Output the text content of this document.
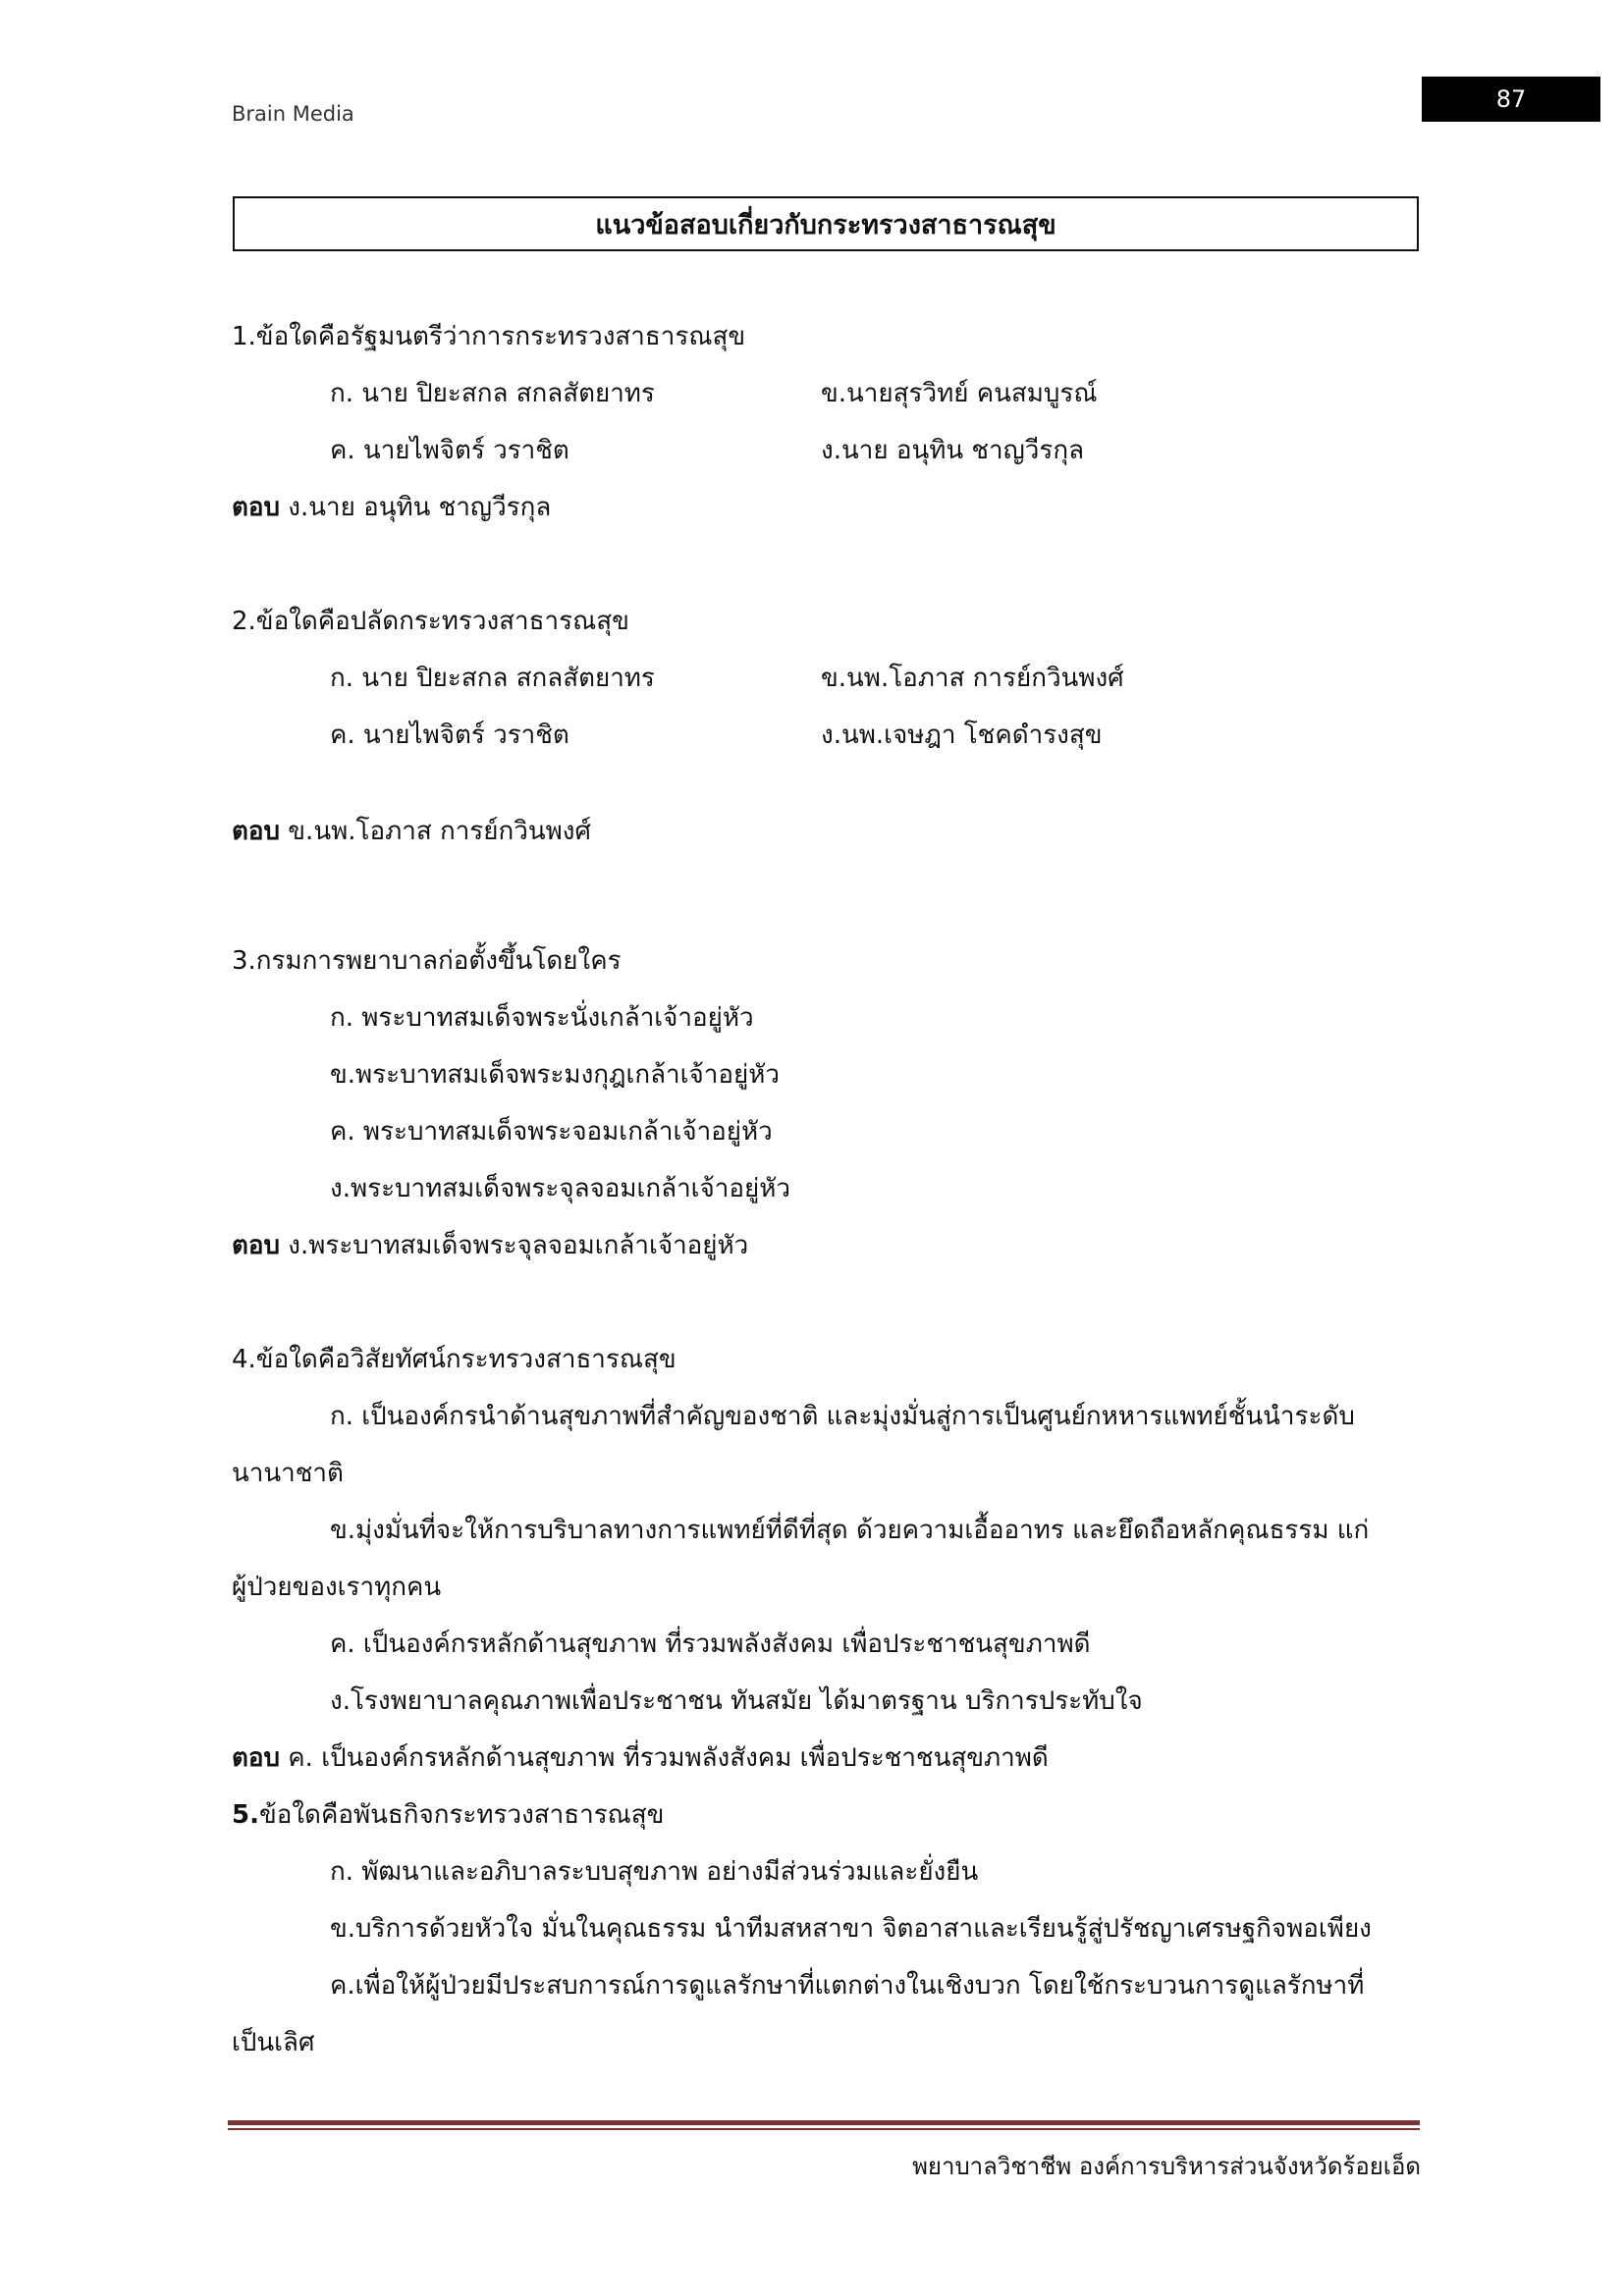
Brain Media
87
แนวข้อสอบเกี่ยวกับกระทรวงสาธารณสุข
1.ข้อใดคือรัฐมนตรีว่าการกระทรวงสาธารณสุข
ก. นาย ปิยะสกล สกลสัตยาทร	ข.นายสุรวิทย์ คนสมบูรณ์
ค. นายไพจิตร์ วราชิต	ง.นาย อนุทิน ชาญวีรกุล
ตอบ ง.นาย อนุทิน ชาญวีรกุล
2.ข้อใดคือปลัดกระทรวงสาธารณสุข
ก. นาย ปิยะสกล สกลสัตยาทร	ข.นพ.โอภาส การย์กวินพงศ์
ค. นายไพจิตร์ วราชิต	ง.นพ.เจษฎา โชคดำรงสุข
ตอบ ข.นพ.โอภาส การย์กวินพงศ์
3.กรมการพยาบาลก่อตั้งขึ้นโดยใคร
ก. พระบาทสมเด็จพระนั่งเกล้าเจ้าอยู่หัว
ข.พระบาทสมเด็จพระมงกุฎเกล้าเจ้าอยู่หัว
ค. พระบาทสมเด็จพระจอมเกล้าเจ้าอยู่หัว
ง.พระบาทสมเด็จพระจุลจอมเกล้าเจ้าอยู่หัว
ตอบ ง.พระบาทสมเด็จพระจุลจอมเกล้าเจ้าอยู่หัว
4.ข้อใดคือวิสัยทัศน์กระทรวงสาธารณสุข
ก. เป็นองค์กรนำด้านสุขภาพที่สำคัญของชาติ และมุ่งมั่นสู่การเป็นศูนย์กหหารแพทย์ชั้นนำระดับ
นานาชาติ
ข.มุ่งมั่นที่จะให้การบริบาลทางการแพทย์ที่ดีที่สุด ด้วยความเอื้ออาทร และยึดถือหลักคุณธรรม แก่
ผู้ป่วยของเราทุกคน
ค. เป็นองค์กรหลักด้านสุขภาพ ที่รวมพลังสังคม เพื่อประชาชนสุขภาพดี
ง.โรงพยาบาลคุณภาพเพื่อประชาชน ทันสมัย ได้มาตรฐาน บริการประทับใจ
ตอบ ค. เป็นองค์กรหลักด้านสุขภาพ ที่รวมพลังสังคม เพื่อประชาชนสุขภาพดี
5.ข้อใดคือพันธกิจกระทรวงสาธารณสุข
ก. พัฒนาและอภิบาลระบบสุขภาพ อย่างมีส่วนร่วมและยั่งยืน
ข.บริการด้วยหัวใจ มั่นในคุณธรรม นำทีมสหสาขา จิตอาสาและเรียนรู้สู่ปรัชญาเศรษฐกิจพอเพียง
ค.เพื่อให้ผู้ป่วยมีประสบการณ์การดูแลรักษาที่แตกต่างในเชิงบวก โดยใช้กระบวนการดูแลรักษาที่
เป็นเลิศ
พยาบาลวิชาชีพ องค์การบริหารส่วนจังหวัดร้อยเอ็ด
